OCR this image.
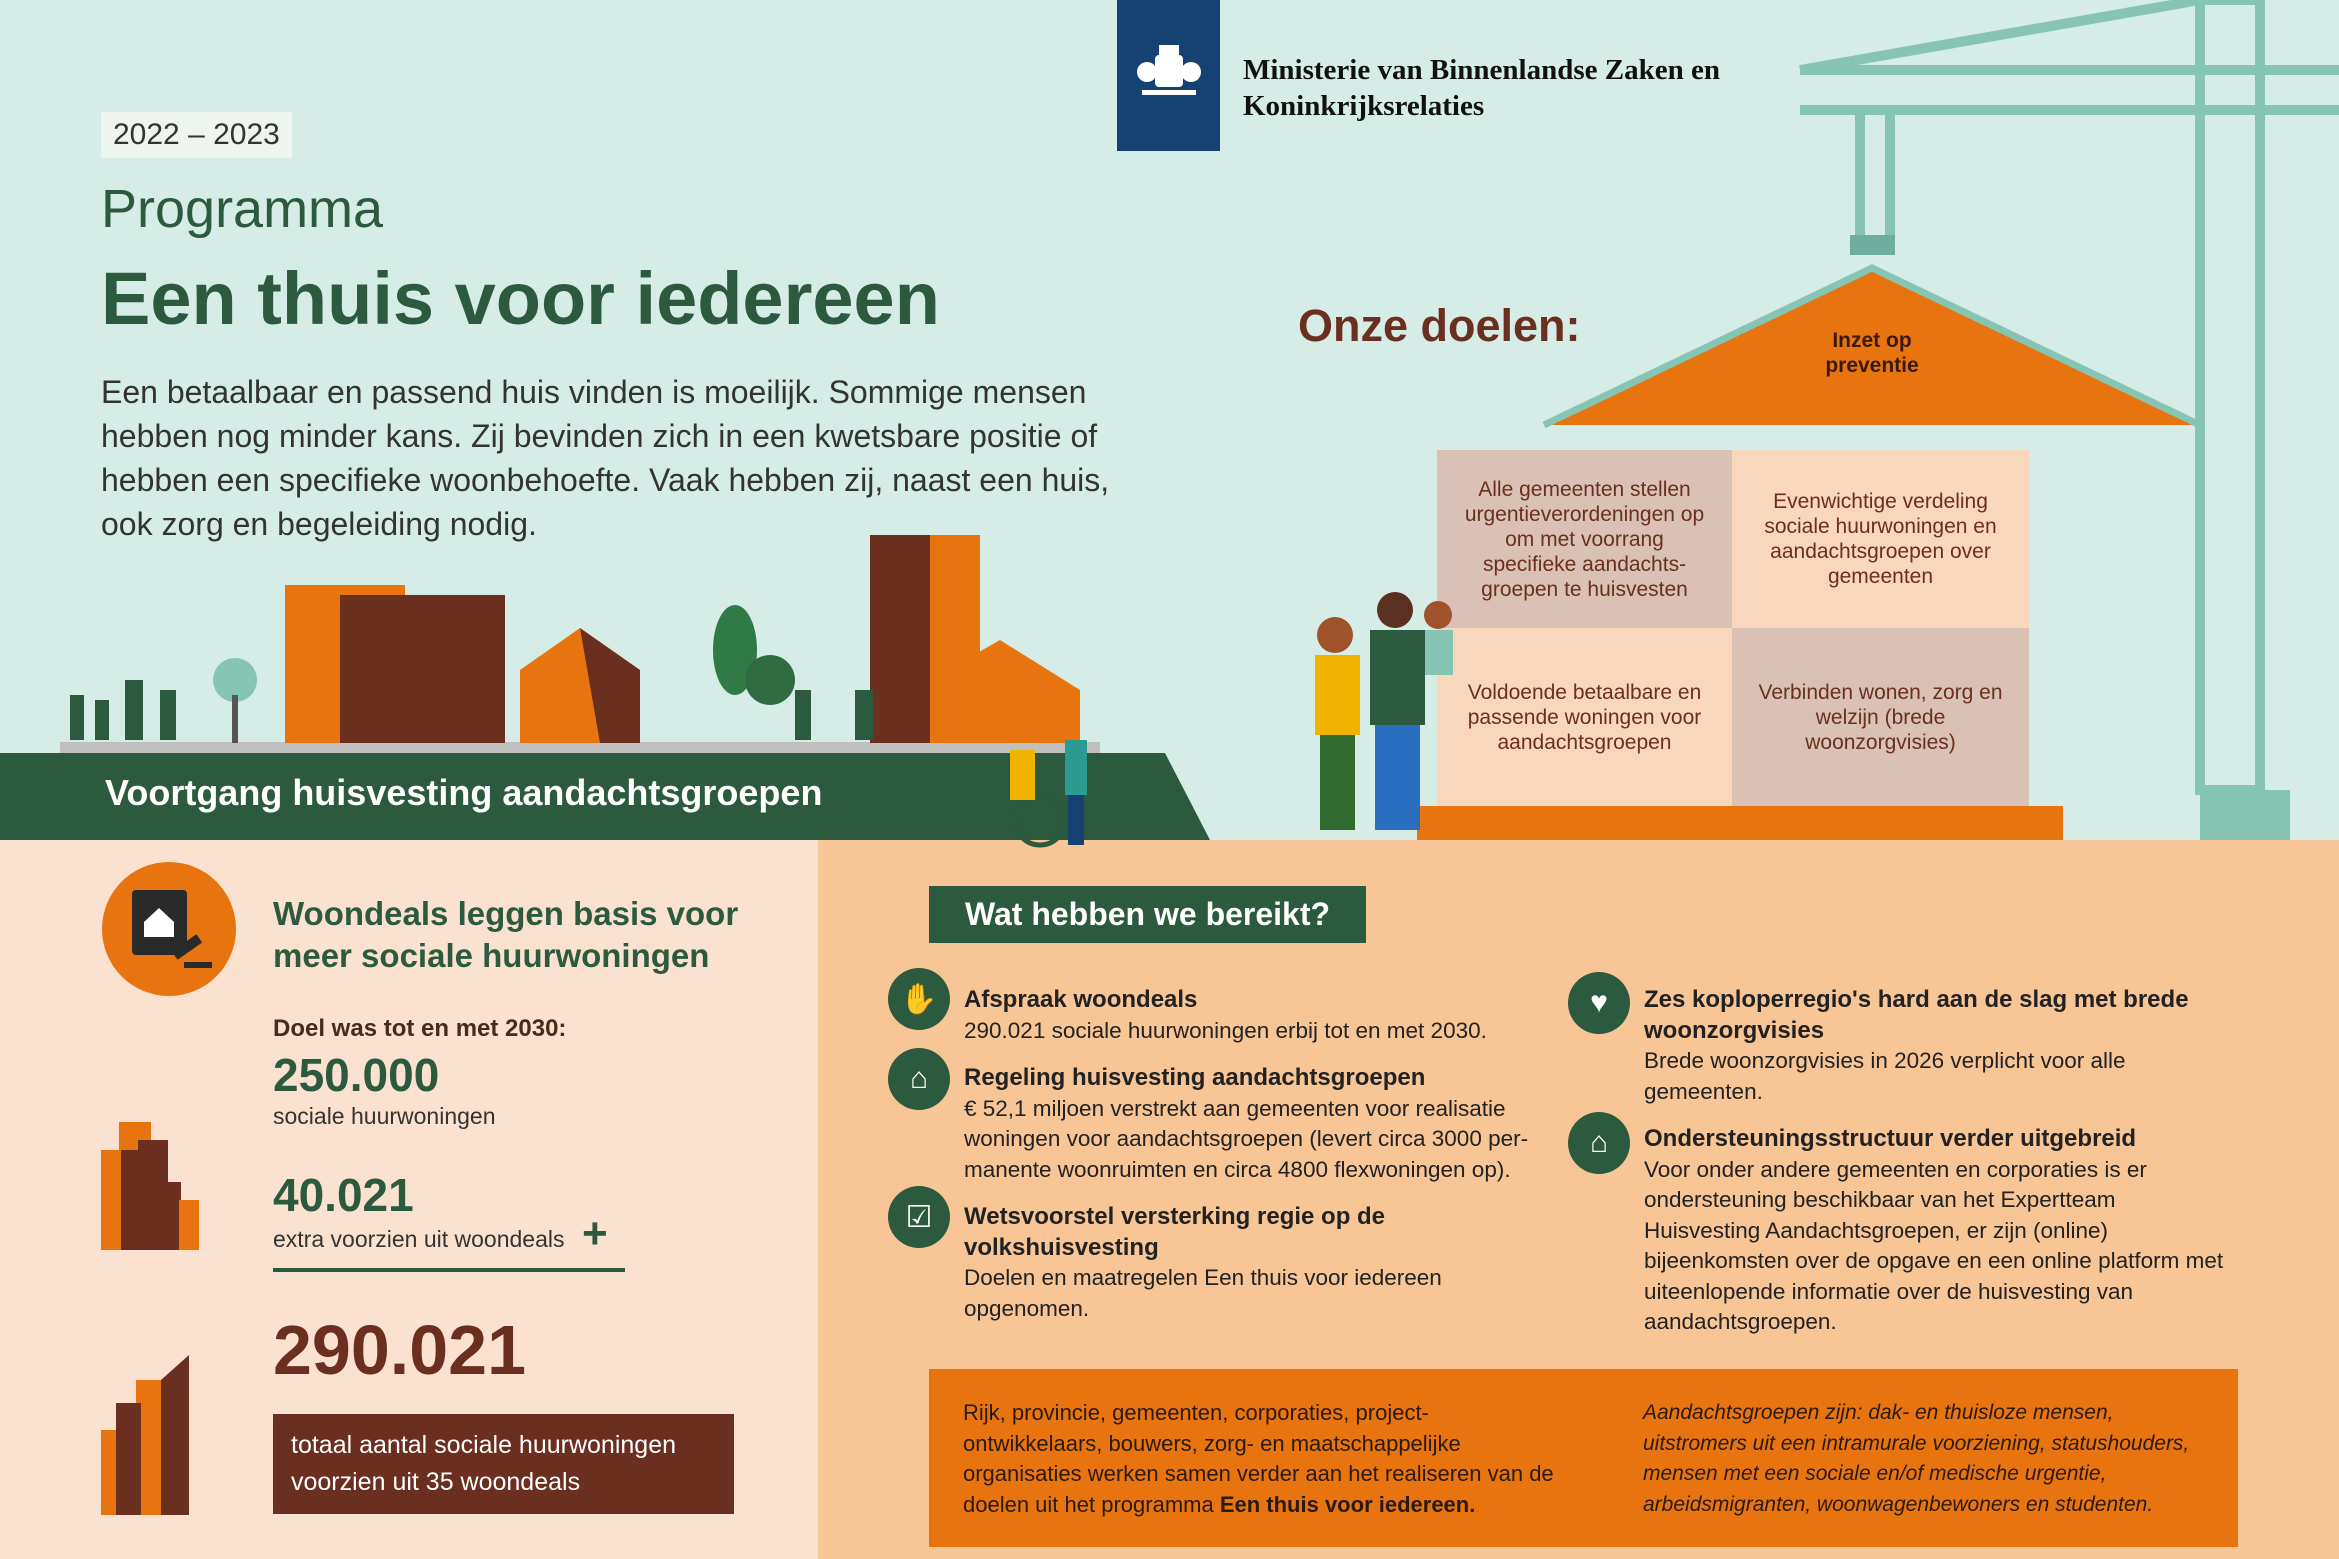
2022 – 2023
Programma
Een thuis voor iedereen

Een betaalbaar en passend huis vinden is moeilijk. Sommige mensen hebben nog minder kans. Zij bevinden zich in een kwetsbare positie of hebben een specifieke woonbehoefte. Vaak hebben zij, naast een huis, ook zorg en begeleiding nodig.

Ministerie van Binnenlandse Zaken en
Koninkrijksrelaties
Voortgang huisvesting aandachtsgroepen
Onze doelen:	Inzet op preventie
Alle gemeenten stellen urgentieverordeningen op om met voorrang specifieke aandachts-groepen te huisvesten
Evenwichtige verdeling sociale huurwoningen en aandachtsgroepen over gemeenten
Voldoende betaalbare en passende woningen voor aandachtsgroepen
Verbinden wonen, zorg en welzijn (brede woonzorgvisies)
Woondeals leggen basis voor
meer sociale huurwoningen
Doel was tot en met 2030:
250.000
sociale huurwoningen
40.021
extra voorzien uit woondeals +
290.021
totaal aantal sociale huurwoningen
voorzien uit 35 woondeals
Wat hebben we bereikt?
✋	Afspraak woondeals
290.021 sociale huurwoningen erbij tot en met 2030.
⌂	Regeling huisvesting aandachtsgroepen
€ 52,1 miljoen verstrekt aan gemeenten voor realisatie woningen voor aandachtsgroepen (levert circa 3000 per-manente woonruimten en circa 4800 flexwoningen op).
☑	Wetsvoorstel versterking regie op de volkshuisvesting
Doelen en maatregelen Een thuis voor iedereen opgenomen.
♥	Zes koploperregio's hard aan de slag met brede woonzorgvisies
Brede woonzorgvisies in 2026 verplicht voor alle gemeenten.
⌂	Ondersteuningsstructuur verder uitgebreid
Voor onder andere gemeenten en corporaties is er ondersteuning beschikbaar van het Expertteam Huisvesting Aandachtsgroepen, er zijn (online) bijeenkomsten over de opgave en een online platform met uiteenlopende informatie over de huisvesting van aandachtsgroepen.
Rijk, provincie, gemeenten, corporaties, project-ontwikkelaars, bouwers, zorg- en maatschappelijke organisaties werken samen verder aan het realiseren van de doelen uit het programma Een thuis voor iedereen.
Aandachtsgroepen zijn: dak- en thuisloze mensen, uitstromers uit een intramurale voorziening, statushouders, mensen met een sociale en/of medische urgentie, arbeidsmigranten, woonwagenbewoners en studenten.
